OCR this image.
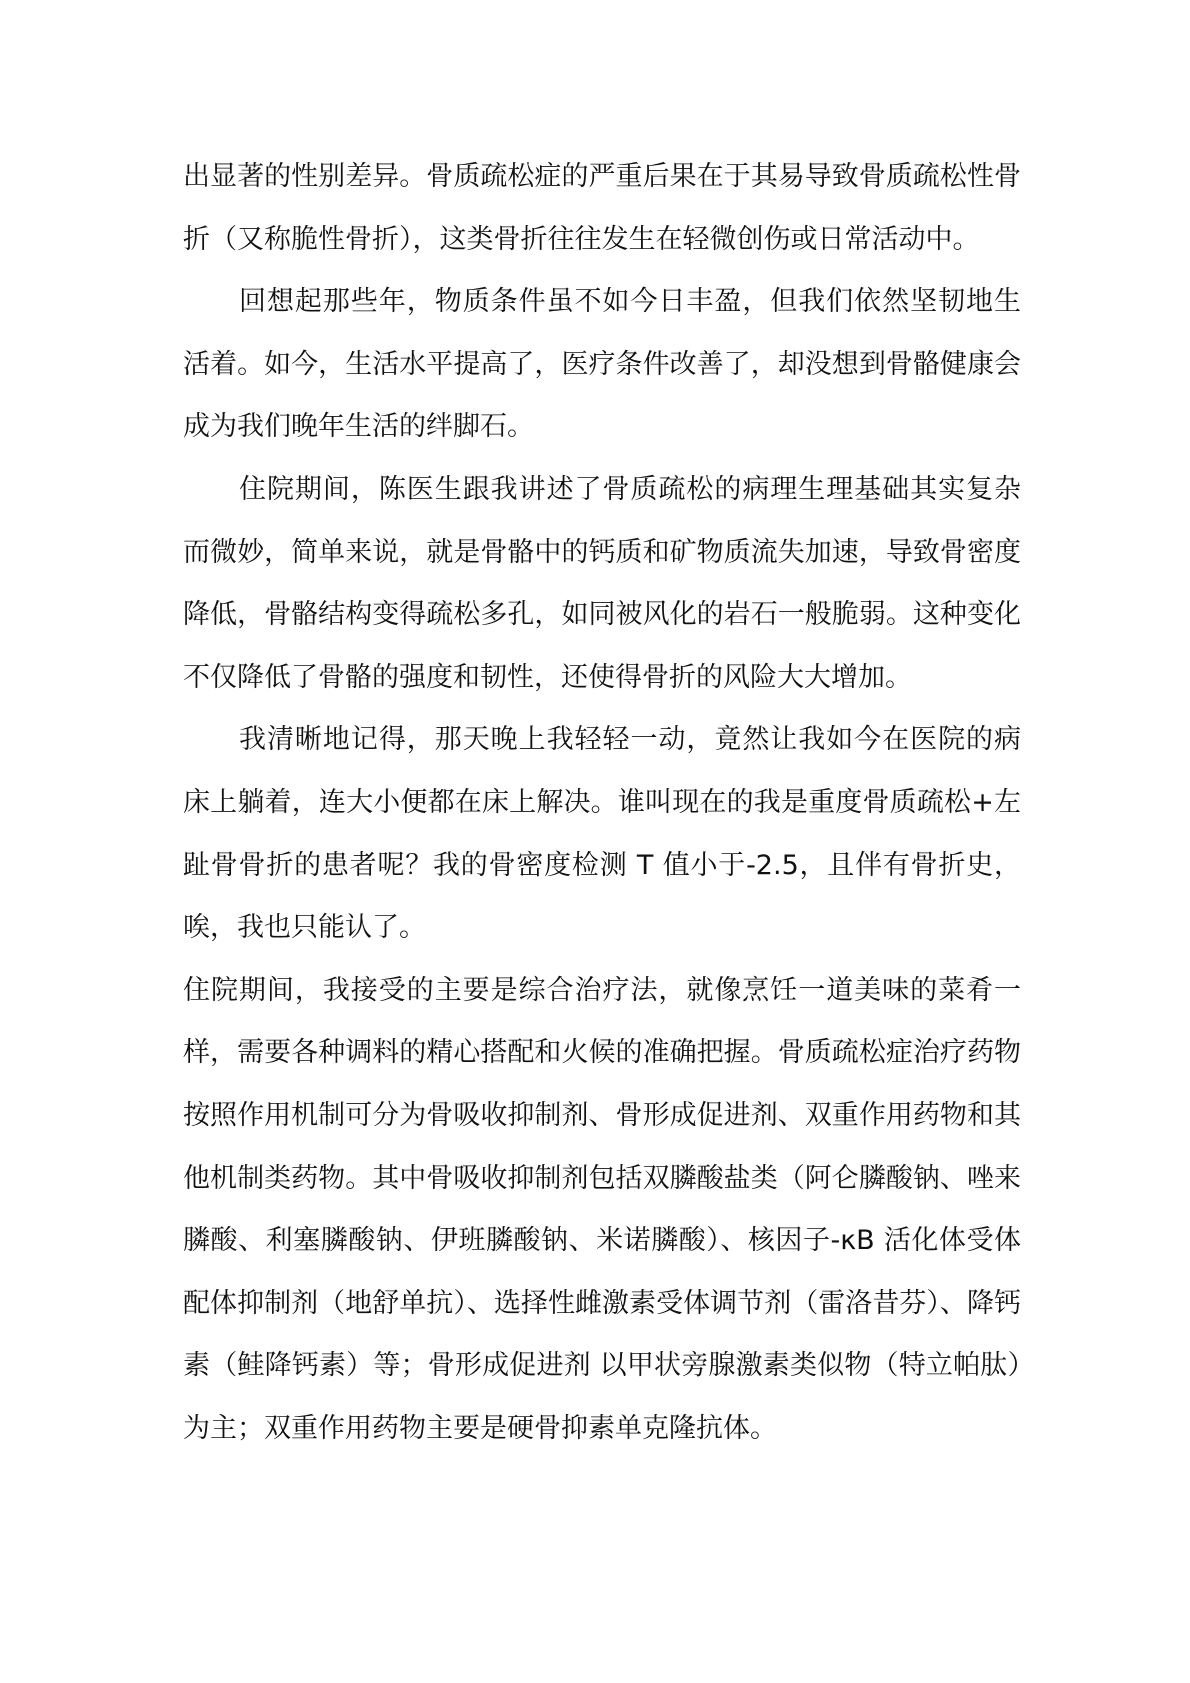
出显著的性别差异。骨质疏松症的严重后果在于其易导致骨质疏松性骨折（又称脆性骨折），这类骨折往往发生在轻微创伤或日常活动中。

回想起那些年，物质条件虽不如今日丰盈，但我们依然坚韧地生活着。如今，生活水平提高了，医疗条件改善了，却没想到骨骼健康会成为我们晚年生活的绊脚石。

住院期间，陈医生跟我讲述了骨质疏松的病理生理基础其实复杂而微妙，简单来说，就是骨骼中的钙质和矿物质流失加速，导致骨密度降低，骨骼结构变得疏松多孔，如同被风化的岩石一般脆弱。这种变化不仅降低了骨骼的强度和韧性，还使得骨折的风险大大增加。

我清晰地记得，那天晚上我轻轻一动，竟然让我如今在医院的病床上躺着，连大小便都在床上解决。谁叫现在的我是重度骨质疏松+左趾骨骨折的患者呢？我的骨密度检测 T 值小于-2.5，且伴有骨折史，唉，我也只能认了。

住院期间，我接受的主要是综合治疗法，就像烹饪一道美味的菜肴一样，需要各种调料的精心搭配和火候的准确把握。骨质疏松症治疗药物按照作用机制可分为骨吸收抑制剂、骨形成促进剂、双重作用药物和其他机制类药物。其中骨吸收抑制剂包括双膦酸盐类（阿仑膦酸钠、唑来膦酸、利塞膦酸钠、伊班膦酸钠、米诺膦酸）、核因子-κB 活化体受体配体抑制剂（地舒单抗）、选择性雌激素受体调节剂（雷洛昔芬）、降钙素（鲑降钙素）等；骨形成促进剂 以甲状旁腺激素类似物（特立帕肽）为主；双重作用药物主要是硬骨抑素单克隆抗体。
